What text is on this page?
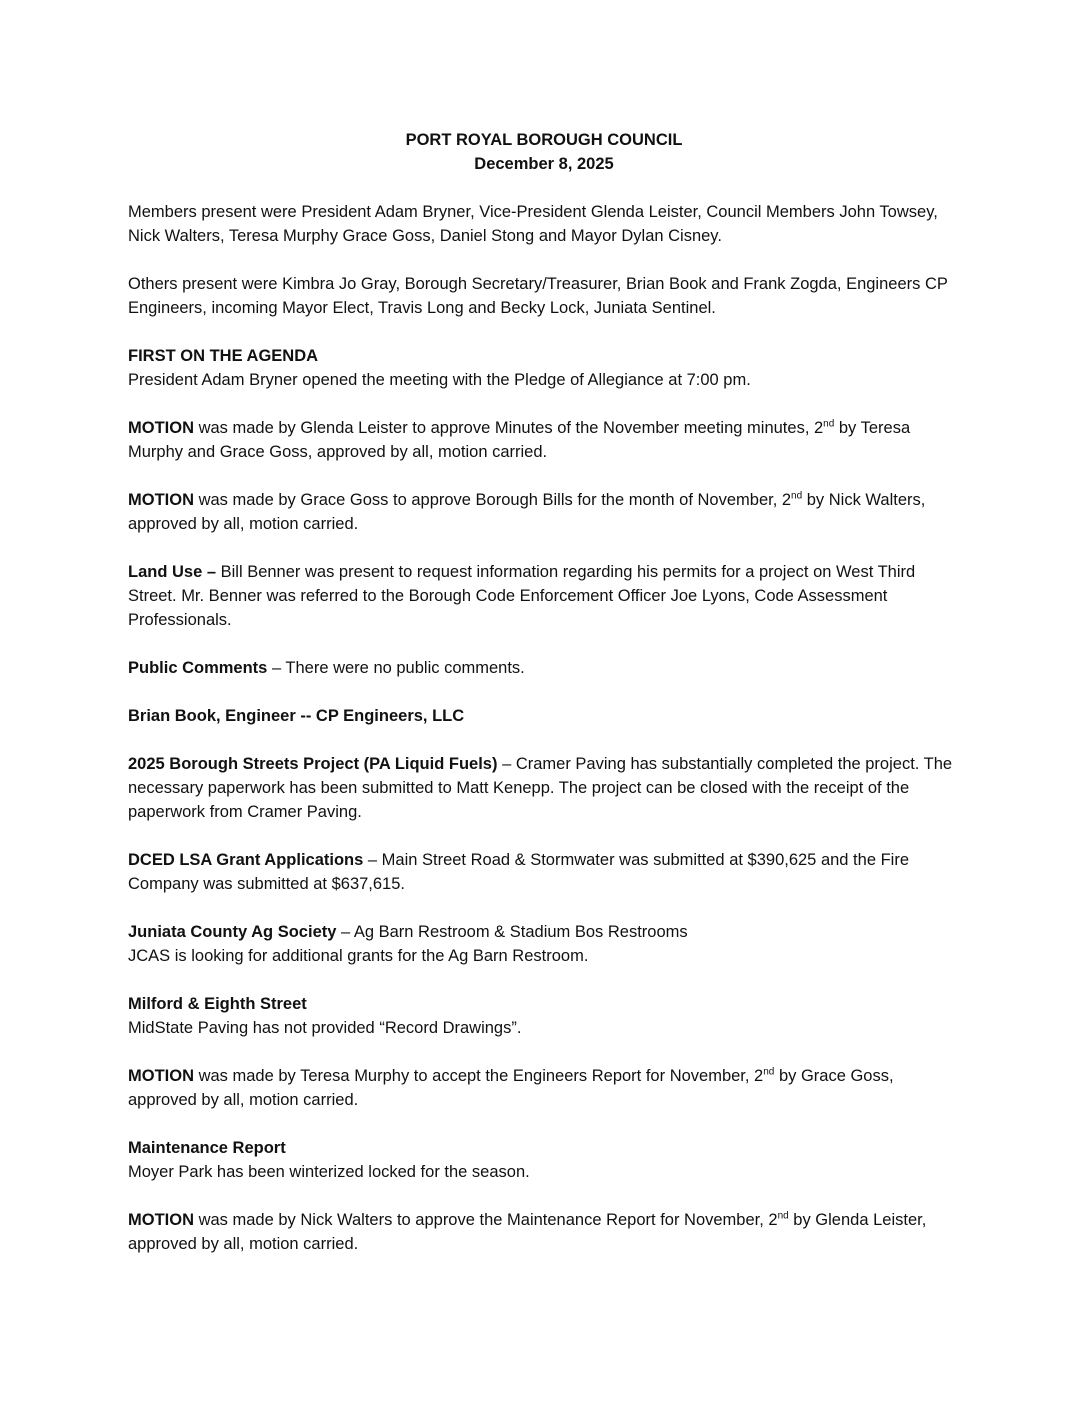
PORT ROYAL BOROUGH COUNCIL
December 8, 2025

Members present were President Adam Bryner, Vice-President Glenda Leister, Council Members John Towsey, Nick Walters, Teresa Murphy Grace Goss, Daniel Stong and Mayor Dylan Cisney.

Others present were Kimbra Jo Gray, Borough Secretary/Treasurer, Brian Book and Frank Zogda, Engineers CP Engineers, incoming Mayor Elect, Travis Long and Becky Lock, Juniata Sentinel.

FIRST ON THE AGENDA
President Adam Bryner opened the meeting with the Pledge of Allegiance at 7:00 pm.

MOTION was made by Glenda Leister to approve Minutes of the November meeting minutes, 2nd by Teresa Murphy and Grace Goss, approved by all, motion carried.

MOTION was made by Grace Goss to approve Borough Bills for the month of November, 2nd by Nick Walters, approved by all, motion carried.

Land Use – Bill Benner was present to request information regarding his permits for a project on West Third Street. Mr. Benner was referred to the Borough Code Enforcement Officer Joe Lyons, Code Assessment Professionals.

Public Comments – There were no public comments.

Brian Book, Engineer -- CP Engineers, LLC

2025 Borough Streets Project (PA Liquid Fuels) – Cramer Paving has substantially completed the project. The necessary paperwork has been submitted to Matt Kenepp. The project can be closed with the receipt of the paperwork from Cramer Paving.

DCED LSA Grant Applications – Main Street Road & Stormwater was submitted at $390,625 and the Fire Company was submitted at $637,615.

Juniata County Ag Society – Ag Barn Restroom & Stadium Bos Restrooms
JCAS is looking for additional grants for the Ag Barn Restroom.

Milford & Eighth Street
MidState Paving has not provided “Record Drawings”.

MOTION was made by Teresa Murphy to accept the Engineers Report for November, 2nd by Grace Goss, approved by all, motion carried.

Maintenance Report
Moyer Park has been winterized locked for the season.

MOTION was made by Nick Walters to approve the Maintenance Report for November, 2nd by Glenda Leister, approved by all, motion carried.
